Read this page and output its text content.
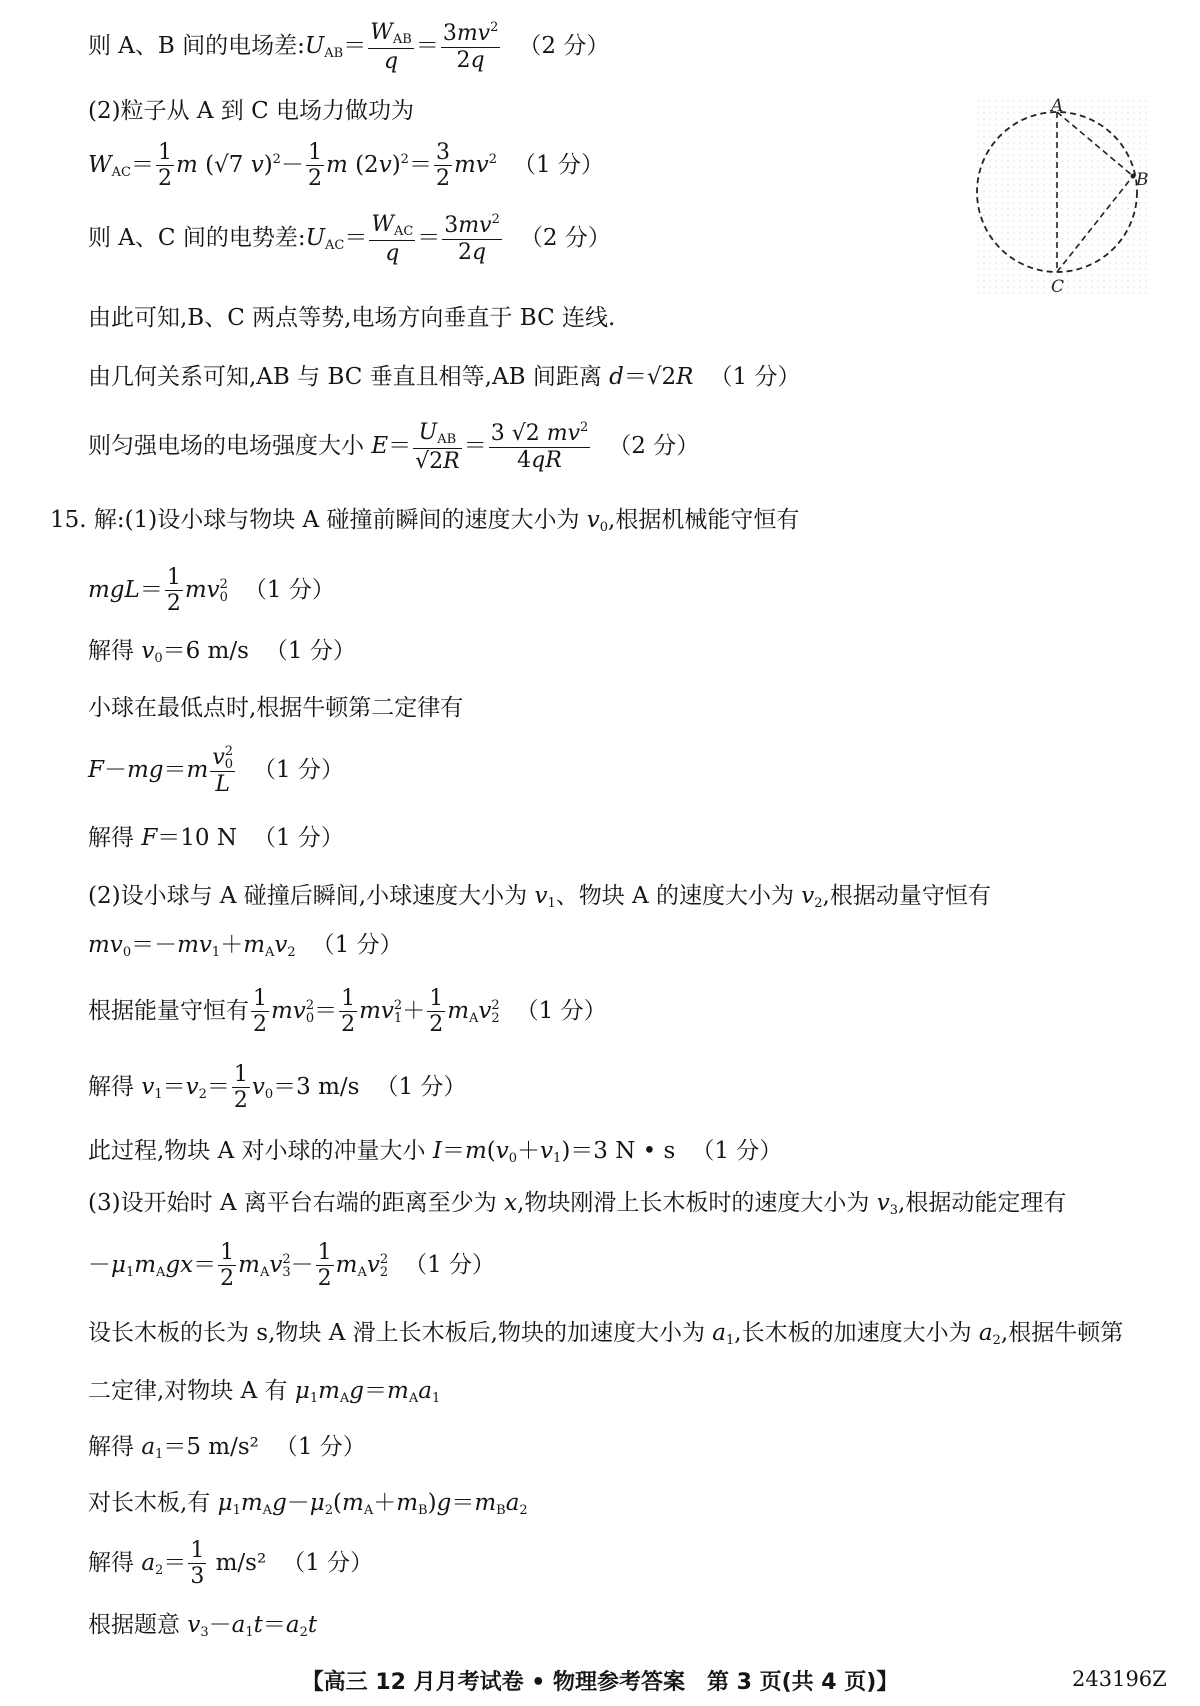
则 A、B 间的电场差$:U_{AB}= \frac{W_{AB}}{q} = \frac{3mv^2}{2q} (2$ 分）
(2)粒子从 A 到 C 电场力做功为
$W_{AC}= \frac{1}{2}$ m (√7 $v)^2- \frac{1}{2}$ m $(2v)^2= \frac{3}{2} mv^2$ （1 分）
则 A、C 间的电势差$:U_{AC}= \frac{W_{AC}}{q} = \frac{3mv^2}{2q} (2$ 分）
由此可知,B、C 两点等势,电场方向垂直于 BC 连线.
由几何关系可知,AB 与 BC 垂直且相等,AB 间距离 d＝√2R （1 分）
则匀强电场的电场强度大小 $E= \frac{U_{AB}}{√2R} = \frac{3 √2 mv^2}{4qR} (2$ 分）
15. 解:(1)设小球与物块 A 碰撞前瞬间的速度大小为 $v_0$,根据机械能守恒有
$mgL= \frac{1}{2}$ mv 2
0 （1 分）
解得 $v_0=6$ m/s （1 分）
小球在最低点时,根据牛顿第二定律有
F－mg＝m v 2
0
L （1 分）
解得 F＝10 N （1 分）
(2)设小球与 A 碰撞后瞬间,小球速度大小为 $v_1$、物块 A 的速度大小为 $v_2$,根据动量守恒有
$mv_0=-mv_1+m_Av_2$ （1 分）
根据能量守恒有 $\frac{1}{2}$ mv 2
$0 = \frac{1}{2}$ mv 2
$1 + \frac{1}{2} m_Av$ 2
2 （1 分）
解得 $v_1=v_2= \frac{1}{2} v_0=3$ m/s （1 分）
此过程,物块 A 对小球的冲量大小 $I=m(v_0+v_1)=3$ N • s （1 分）
(3)设开始时 A 离平台右端的距离至少为 x,物块刚滑上长木板时的速度大小为 $v_3$,根据动能定理有
$-\mu_1m_Agx= \frac{1}{2} m_Av$ 2
$3 - \frac{1}{2} m_Av$ 2
2 （1 分）
设长木板的长为 s,物块 A 滑上长木板后,物块的加速度大小为 $a_1$,长木板的加速度大小为 $a_2$,根据牛顿第
二定律,对物块 A 有 $\mu_1m_Ag=m_Aa_1$
解得 $a_1=5$ m/s² （1 分）
对长木板,有 $\mu_1m_Ag-\mu_2(m_A+m_B)g=m_Ba_2$
解得 $a_2= \frac{1}{3} m/s^2$ （1 分）
根据题意 $v_3-a_1t=a_2t$
A
B
C
【高三 12 月月考试卷 • 物理参考答案　第 3 页(共 4 页)】	243196Z
